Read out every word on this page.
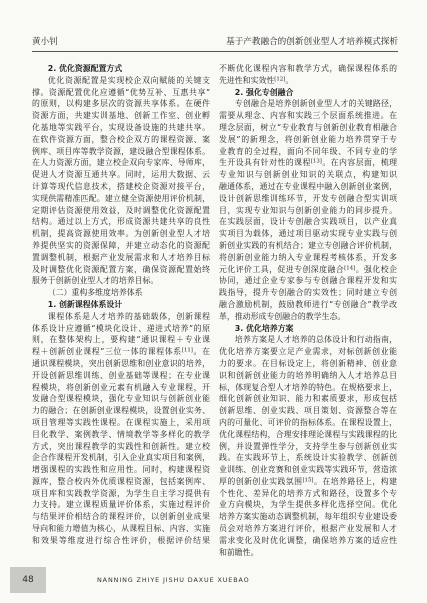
黄小钊	基于产教融合的创新创业型人才培养模式探析
2. 优化资源配置方式
优化资源配置是实现校企双向赋能的关键支
撑。资源配置优化应遵循“优势互补、互惠共享”
的原则，以构建多层次的资源共享体系。在硬件
资源方面，共建实训基地、创新工作室、创业孵
化基地等实践平台，实现设备设施的共建共享。
在软件资源方面，整合校企双方的课程资源、案
例库、项目库等教学资源，建设融合型课程体系。
在人力资源方面，建立校企双向专家库、导师库，
促进人才资源互通共享。同时，运用大数据、云
计算等现代信息技术，搭建校企资源对接平台，
实现供需精准匹配。建立健全资源使用评价机制，
定期评估资源使用效益，及时调整优化资源配置
结构。通过以上方式，形成资源共建共享的良性
机制，提高资源使用效率。为创新创业型人才培
养提供坚实的资源保障，并建立动态化的资源配
置调整机制，根据产业发展需求和人才培养目标
及时调整优化资源配置方案，确保资源配置始终
服务于创新创业型人才的培养目标。
（二）重构多维度培养体系
1. 创新课程体系设计
课程体系是人才培养的基础载体，创新课程
体系设计应遵循“模块化设计、递进式培养”的原
则，在整体架构上，要构建“通识课程＋专业课
程＋创新创业课程”三位一体的课程体系[11]。在
通识课程模块，突出创新思维和创业意识的培养，
开设创新思维训练、创业基础等课程；在专业课
程模块，将创新创业元素有机融入专业课程，开
发融合型课程模块，强化专业知识与创新创业能
力的融合；在创新创业课程模块，设置创业实务、
项目管理等实践性课程。在课程实施上，采用项
目化教学、案例教学、情境教学等多样化的教学
方式，突出课程教学的实践性和创新性。建立校
企合作课程开发机制，引入企业真实项目和案例，
增强课程的实践性和应用性。同时，构建课程资
源库，整合校内外优质课程资源，包括案例库、
项目库和实践教学资源，为学生自主学习提供有
力支持。建立课程质量评价体系，实施过程评价
与结果评价相结合的课程评价，以创新创业成果
导向和能力增值为核心，从课程目标、内容、实施
和效果等维度进行综合性评价，根据评价结果
不断优化课程内容和教学方式，确保课程体系的
先进性和实效性[12]。
2. 强化专创融合
专创融合是培养创新创业型人才的关键路径，
需要从理念、内容和实践三个层面系统推进。在
理念层面，树立“专业教育与创新创业教育相融合
发展”的新理念，将创新创业能力培养贯穿于专
业教育的全过程，面向不同年级、不同专业的学
生开设具有针对性的课程[13]。在内容层面，梳理
专业知识与创新创业知识的关联点，构建知识
融通体系，通过在专业课程中融入创新创业案例，
设计创新思维训练环节，开发专创融合型实训项
目，实现专业知识与创新创业能力的同步提升。
在实践层面，设计专创融合实践项目，以产业真
实项目为载体，通过项目驱动实现专业实践与创
新创业实践的有机结合；建立专创融合评价机制，
将创新创业能力纳入专业课程考核体系，开发多
元化评价工具，促进专创深度融合[14]。强化校企
协同，通过企业专家参与专创融合课程开发和实
践指导，提升专创融合的实效性；同时建立专创
融合激励机制，鼓励教师进行“专创融合”教学改
革，推动形成专创融合的教学生态。
3. 优化培养方案
培养方案是人才培养的总体设计和行动指南，
优化培养方案要立足产业需求，对标创新创业能
力的要求。在目标设定上，将创新精神、创业意
识和创新创业能力的培养明确纳入人才培养总目
标，体现复合型人才培养的特色。在规格要求上，
细化创新创业知识、能力和素质要求，形成包括
创新思维、创业实践、项目策划、资源整合等在
内的可量化、可评价的指标体系。在课程设置上，
优化课程结构，合理安排理论课程与实践课程的比
例，并设置弹性学分，支持学生参与创新创业实
践。在实践环节上，系统设计实验教学、创新创
业训练、创业竞赛和创业实践等实践环节，营造浓
厚的创新创业实践氛围[15]。在培养路径上，构建
个性化、差异化的培养方式和路径，设置多个专
业方向模块，为学生提供多样化选择空间。优化
培养方案实施动态调整机制，每年组织专业建设委
员会对培养方案进行评价，根据产业发展和人才
需求变化及时优化调整，确保培养方案的适应性
和前瞻性。
48	NANNING ZHIYE JISHU DAXUE XUEBAO
